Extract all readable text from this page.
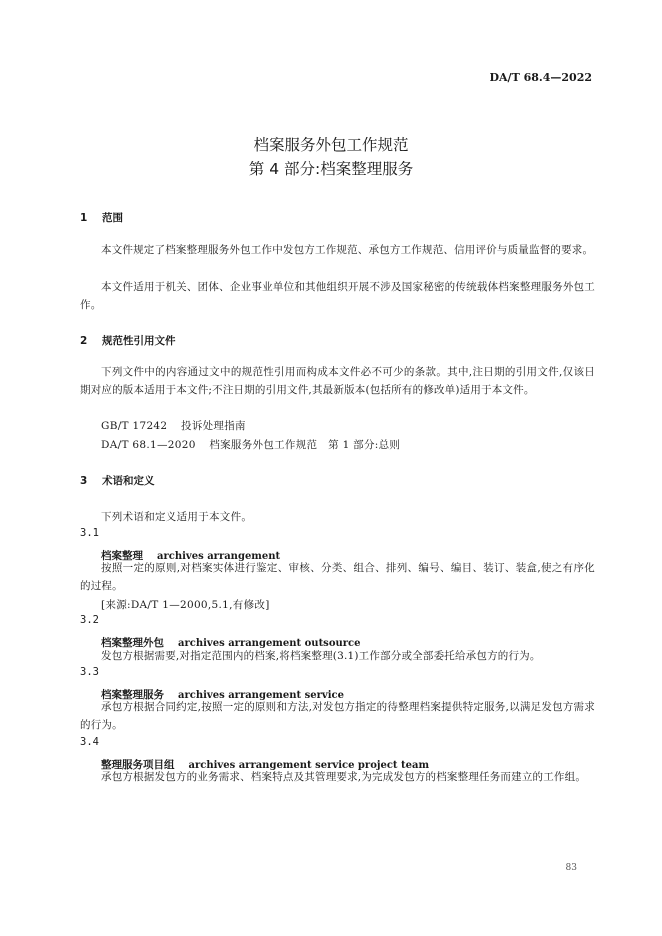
DA/T 68.4—2022
档案服务外包工作规范
第 4 部分:档案整理服务
1 范围
本文件规定了档案整理服务外包工作中发包方工作规范、承包方工作规范、信用评价与质量监督的要求。
本文件适用于机关、团体、企业事业单位和其他组织开展不涉及国家秘密的传统载体档案整理服务外包工作。
2 规范性引用文件
下列文件中的内容通过文中的规范性引用而构成本文件必不可少的条款。其中,注日期的引用文件,仅该日期对应的版本适用于本文件;不注日期的引用文件,其最新版本(包括所有的修改单)适用于本文件。
GB/T 17242 投诉处理指南
DA/T 68.1—2020 档案服务外包工作规范　第 1 部分:总则
3 术语和定义
下列术语和定义适用于本文件。
3.1
档案整理 archives arrangement
按照一定的原则,对档案实体进行鉴定、审核、分类、组合、排列、编号、编目、装订、装盒,使之有序化的过程。
[来源:DA/T 1—2000,5.1,有修改]
3.2
档案整理外包 archives arrangement outsource
发包方根据需要,对指定范围内的档案,将档案整理(3.1)工作部分或全部委托给承包方的行为。
3.3
档案整理服务 archives arrangement service
承包方根据合同约定,按照一定的原则和方法,对发包方指定的待整理档案提供特定服务,以满足发包方需求的行为。
3.4
整理服务项目组 archives arrangement service project team
承包方根据发包方的业务需求、档案特点及其管理要求,为完成发包方的档案整理任务而建立的工作组。
83
